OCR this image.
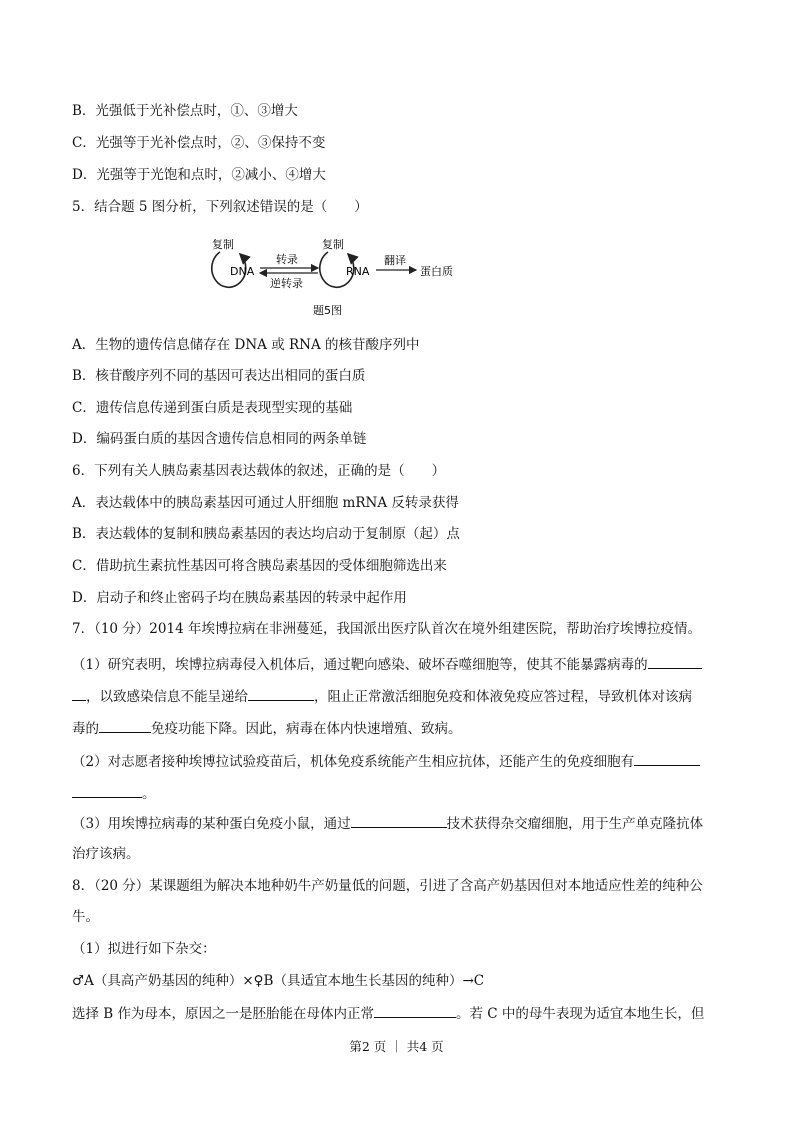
B．光强低于光补偿点时，①、③增大
C．光强等于光补偿点时，②、③保持不变
D．光强等于光饱和点时，②减小、④增大
5．结合题 5 图分析，下列叙述错误的是（　　）
复制
DNA
转录
逆转录
复制
RNA
翻译
蛋白质
题5图
A．生物的遗传信息储存在 DNA 或 RNA 的核苷酸序列中
B．核苷酸序列不同的基因可表达出相同的蛋白质
C．遗传信息传递到蛋白质是表现型实现的基础
D．编码蛋白质的基因含遗传信息相同的两条单链
6．下列有关人胰岛素基因表达载体的叙述，正确的是（　　）
A．表达载体中的胰岛素基因可通过人肝细胞 mRNA 反转录获得
B．表达载体的复制和胰岛素基因的表达均启动于复制原（起）点
C．借助抗生素抗性基因可将含胰岛素基因的受体细胞筛选出来
D．启动子和终止密码子均在胰岛素基因的转录中起作用
7．（10 分）2014 年埃博拉病在非洲蔓延，我国派出医疗队首次在境外组建医院，帮助治疗埃博拉疫情。
（1）研究表明，埃博拉病毒侵入机体后，通过靶向感染、破坏吞噬细胞等，使其不能暴露病毒的
，以致感染信息不能呈递给	，阻止正常激活细胞免疫和体液免疫应答过程，导致机体对该病
毒的	免疫功能下降。因此，病毒在体内快速增殖、致病。
（2）对志愿者接种埃博拉试验疫苗后，机体免疫系统能产生相应抗体，还能产生的免疫细胞有
。
（3）用埃博拉病毒的某种蛋白免疫小鼠，通过	技术获得杂交瘤细胞，用于生产单克隆抗体
治疗该病。
8．（20 分）某课题组为解决本地种奶牛产奶量低的问题，引进了含高产奶基因但对本地适应性差的纯种公
牛。
（1）拟进行如下杂交：
♂A（具高产奶基因的纯种）×♀B（具适宜本地生长基因的纯种）→C
选择 B 作为母本，原因之一是胚胎能在母体内正常	。若 C 中的母牛表现为适宜本地生长，但
第2 页 ｜ 共4 页
